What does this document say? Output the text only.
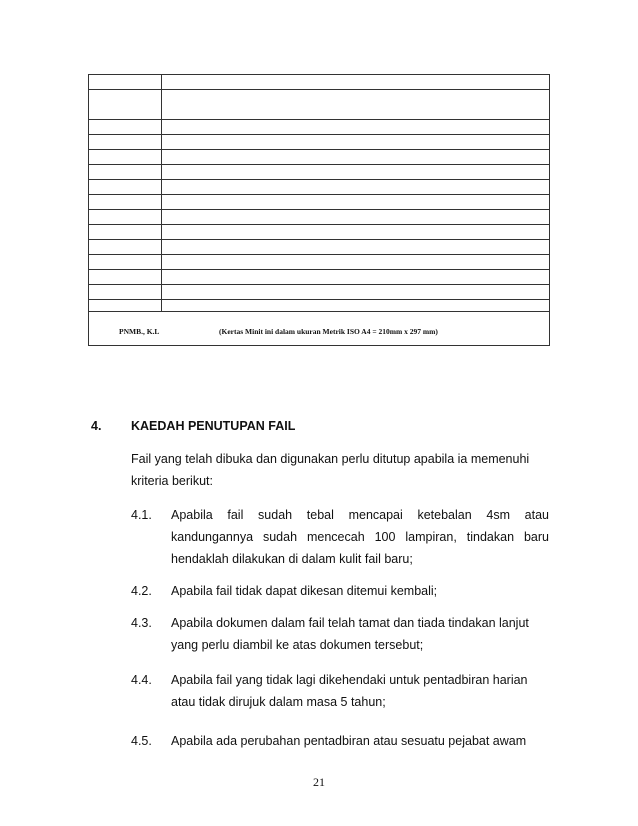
PNMB., K.L	(Kertas Minit ini dalam ukuran Metrik ISO A4 = 210mm x 297 mm)
4. KAEDAH PENUTUPAN FAIL
Fail yang telah dibuka dan digunakan perlu ditutup apabila ia memenuhi kriteria berikut:
4.1. Apabila fail sudah tebal mencapai ketebalan 4sm atau kandungannya sudah mencecah 100 lampiran, tindakan baru hendaklah dilakukan di dalam kulit fail baru;
4.2. Apabila fail tidak dapat dikesan ditemui kembali;
4.3. Apabila dokumen dalam fail telah tamat dan tiada tindakan lanjut yang perlu diambil ke atas dokumen tersebut;
4.4. Apabila fail yang tidak lagi dikehendaki untuk pentadbiran harian atau tidak dirujuk dalam masa 5 tahun;
4.5. Apabila ada perubahan pentadbiran atau sesuatu pejabat awam
21
